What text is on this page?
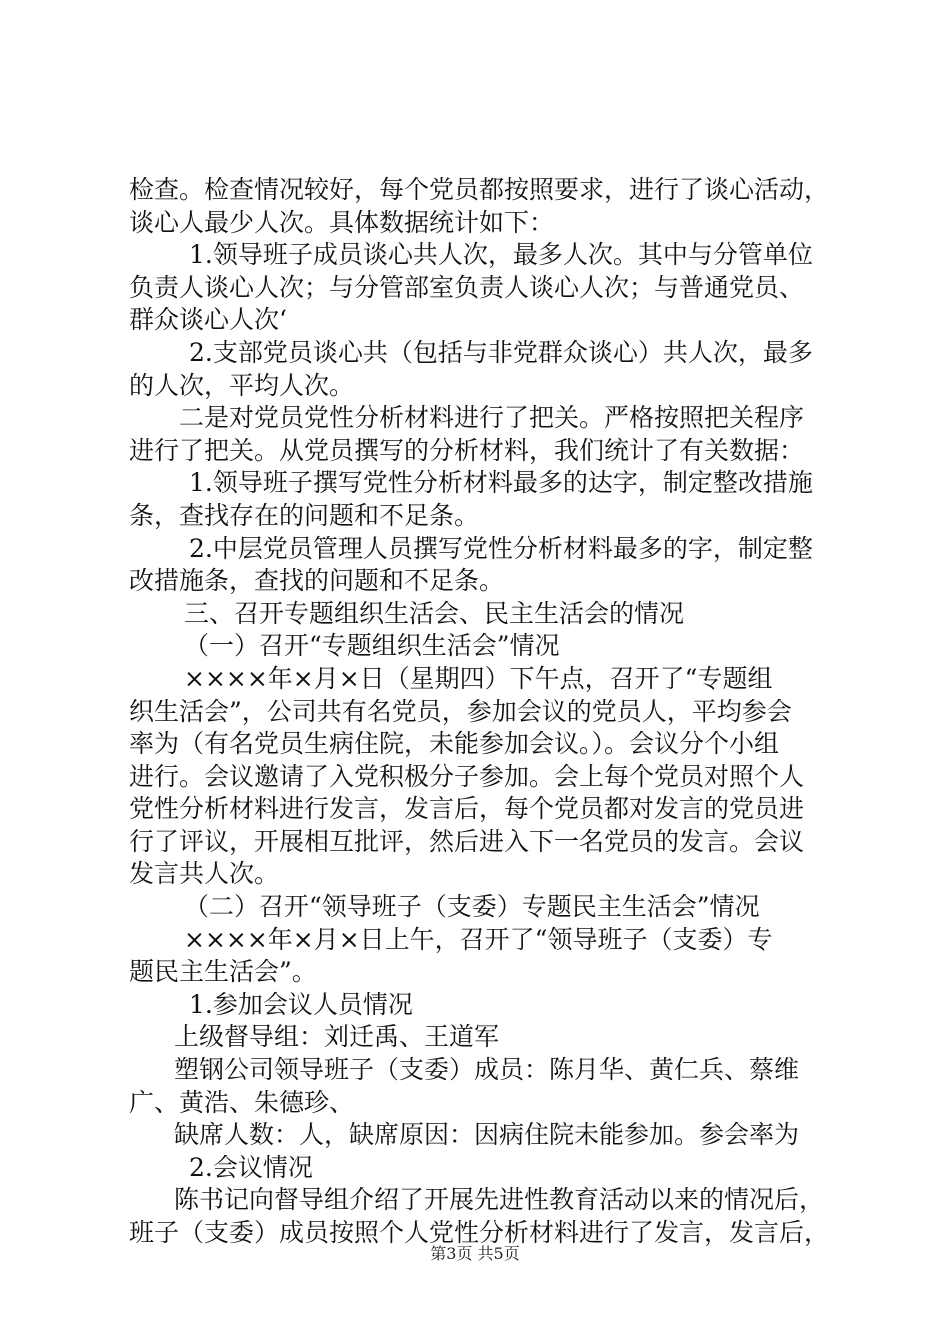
检查。检查情况较好，每个党员都按照要求，进行了谈心活动，
谈心人最少人次。具体数据统计如下：
1.领导班子成员谈心共人次，最多人次。其中与分管单位
负责人谈心人次；与分管部室负责人谈心人次；与普通党员、
群众谈心人次‘
2.支部党员谈心共（包括与非党群众谈心）共人次，最多
的人次，平均人次。
二是对党员党性分析材料进行了把关。严格按照把关程序
进行了把关。从党员撰写的分析材料，我们统计了有关数据：
1.领导班子撰写党性分析材料最多的达字，制定整改措施
条，查找存在的问题和不足条。
2.中层党员管理人员撰写党性分析材料最多的字，制定整
改措施条，查找的问题和不足条。
三、召开专题组织生活会、民主生活会的情况
（一）召开“专题组织生活会”情况
××××年×月×日（星期四）下午点，召开了“专题组
织生活会”，公司共有名党员，参加会议的党员人，平均参会
率为（有名党员生病住院，未能参加会议。）。会议分个小组
进行。会议邀请了入党积极分子参加。会上每个党员对照个人
党性分析材料进行发言，发言后，每个党员都对发言的党员进
行了评议，开展相互批评，然后进入下一名党员的发言。会议
发言共人次。
（二）召开“领导班子（支委）专题民主生活会”情况
××××年×月×日上午，召开了“领导班子（支委）专
题民主生活会”。
1.参加会议人员情况
上级督导组：刘迁禹、王道军
塑钢公司领导班子（支委）成员：陈月华、黄仁兵、蔡维
广、黄浩、朱德珍、
缺席人数：人，缺席原因：因病住院未能参加。参会率为
2.会议情况
陈书记向督导组介绍了开展先进性教育活动以来的情况后，
班子（支委）成员按照个人党性分析材料进行了发言，发言后，
第3页 共5页
